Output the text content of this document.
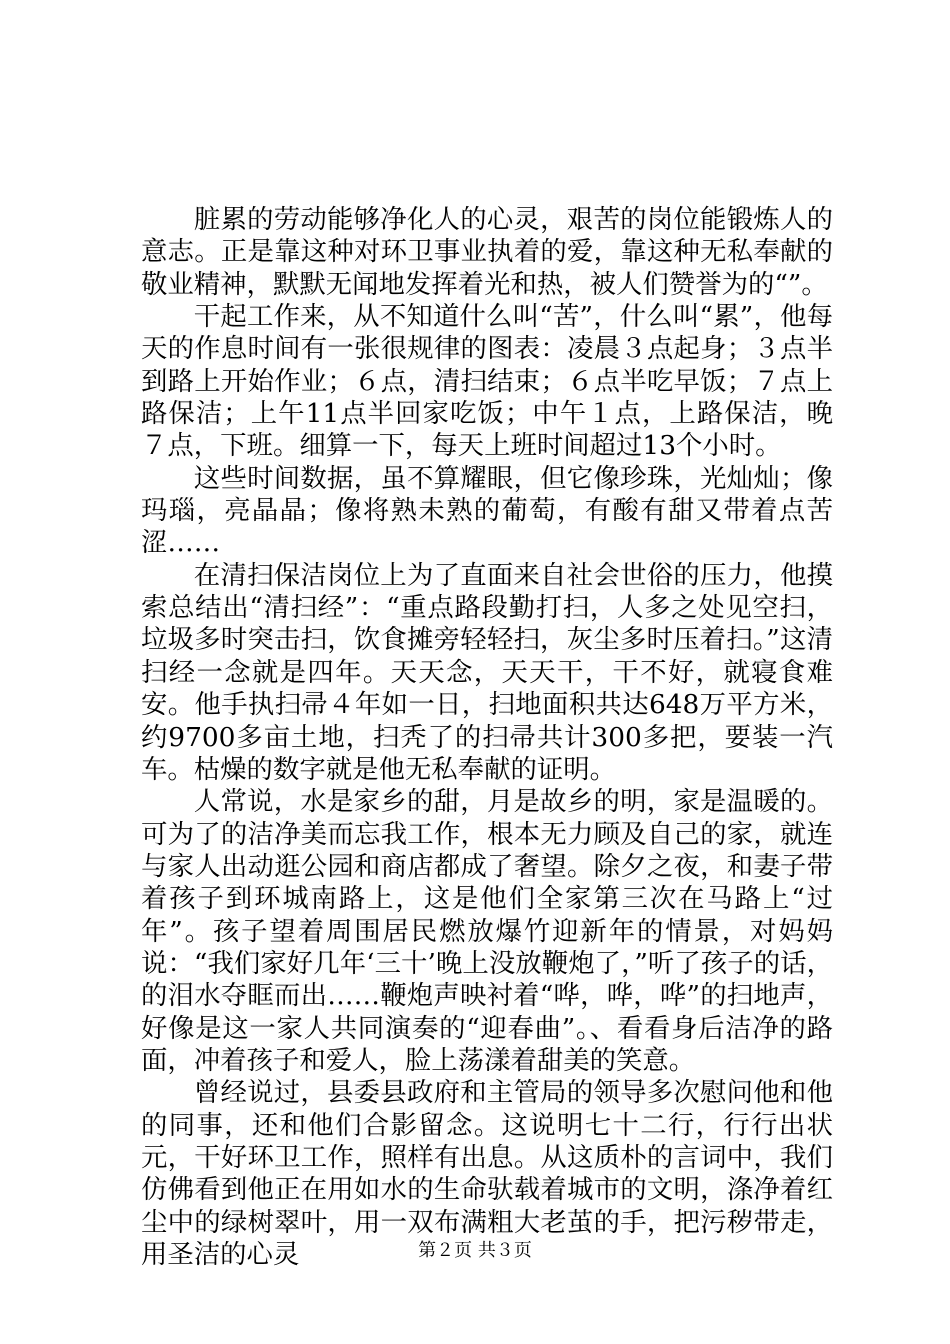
脏累的劳动能够净化人的心灵，艰苦的岗位能锻炼人的意志。正是靠这种对环卫事业执着的爱，靠这种无私奉献的敬业精神，默默无闻地发挥着光和热，被人们赞誉为的“”。

干起工作来，从不知道什么叫“苦”，什么叫“累”，他每天的作息时间有一张很规律的图表：凌晨３点起身；３点半到路上开始作业；６点，清扫结束；６点半吃早饭；７点上路保洁；上午11点半回家吃饭；中午１点，上路保洁，晚７点，下班。细算一下，每天上班时间超过13个小时。

这些时间数据，虽不算耀眼，但它像珍珠，光灿灿；像玛瑙，亮晶晶；像将熟未熟的葡萄，有酸有甜又带着点苦涩……

在清扫保洁岗位上为了直面来自社会世俗的压力，他摸索总结出“清扫经”：“重点路段勤打扫，人多之处见空扫，垃圾多时突击扫，饮食摊旁轻轻扫，灰尘多时压着扫。”这清扫经一念就是四年。天天念，天天干，干不好，就寝食难安。他手执扫帚４年如一日，扫地面积共达648万平方米，约9700多亩土地，扫秃了的扫帚共计300多把，要装一汽车。枯燥的数字就是他无私奉献的证明。

人常说，水是家乡的甜，月是故乡的明，家是温暖的。可为了的洁净美而忘我工作，根本无力顾及自己的家，就连与家人出动逛公园和商店都成了奢望。除夕之夜，和妻子带着孩子到环城南路上，这是他们全家第三次在马路上“过年”。孩子望着周围居民燃放爆竹迎新年的情景，对妈妈说：“我们家好几年‘三十’晚上没放鞭炮了，”听了孩子的话，的泪水夺眶而出……鞭炮声映衬着“哗，哗，哗”的扫地声，好像是这一家人共同演奏的“迎春曲”。、看看身后洁净的路面，冲着孩子和爱人，脸上荡漾着甜美的笑意。

曾经说过，县委县政府和主管局的领导多次慰问他和他的同事，还和他们合影留念。这说明七十二行，行行出状元，干好环卫工作，照样有出息。从这质朴的言词中，我们仿佛看到他正在用如水的生命驮载着城市的文明，涤净着红尘中的绿树翠叶，用一双布满粗大老茧的手，把污秽带走，用圣洁的心灵	第２页 共３页
